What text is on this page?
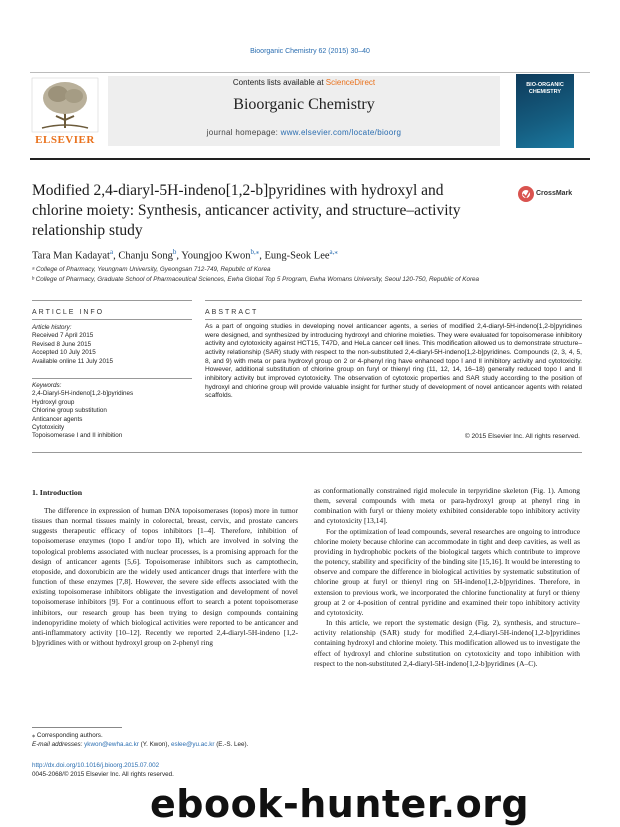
Bioorganic Chemistry 62 (2015) 30–40
ELSEVIER
Contents lists available at ScienceDirect
Bioorganic Chemistry
journal homepage: www.elsevier.com/locate/bioorg
BIO-ORGANIC CHEMISTRY
Modified 2,4-diaryl-5H-indeno[1,2-b]pyridines with hydroxyl and
chlorine moiety: Synthesis, anticancer activity, and structure–activity
relationship study
CrossMark
Tara Man Kadayat$^a$, Chanju Song$^b$, Youngjoo Kwon$^{b,⁎}$, Eung-Seok Lee$^{a,⁎}$
ᵃ College of Pharmacy, Yeungnam University, Gyeongsan 712-749, Republic of Korea
ᵇ College of Pharmacy, Graduate School of Pharmaceutical Sciences, Ewha Global Top 5 Program, Ewha Womans University, Seoul 120-750, Republic of Korea
ARTICLE INFO	ABSTRACT
Article history:
Received 7 April 2015
Revised 8 June 2015
Accepted 10 July 2015
Available online 11 July 2015
Keywords:
2,4-Diaryl-5H-indeno[1,2-b]pyridines
Hydroxyl group
Chlorine group substitution
Anticancer agents
Cytotoxicity
Topoisomerase I and II inhibition
As a part of ongoing studies in developing novel anticancer agents, a series of modified 2,4-diaryl-5H-indeno[1,2-b]pyridines were designed, and synthesized by introducing hydroxyl and chlorine moieties. They were evaluated for topoisomerase inhibitory activity and cytotoxicity against HCT15, T47D, and HeLa cancer cell lines. This modification allowed us to demonstrate structure–activity relationship (SAR) study with respect to the non-substituted 2,4-diaryl-5H-indeno[1,2-b]pyridines. Compounds (2, 3, 4, 5, 8, and 9) with meta or para hydroxyl group on 2 or 4-phenyl ring have enhanced topo I and II inhibitory activity and cytotoxicity. However, additional substitution of chlorine group on furyl or thienyl ring (11, 12, 14, 16–18) generally reduced topo I and II inhibitory activity but improved cytotoxicity. The observation of cytotoxic properties and SAR study according to the position of hydroxyl and chlorine group will provide valuable insight for further study of development of novel anticancer agents with related scaffolds.
© 2015 Elsevier Inc. All rights reserved.
1. Introduction

The difference in expression of human DNA topoisomerases (topos) more in tumor tissues than normal tissues mainly in colorectal, breast, cervix, and prostate cancers suggests therapeutic efficacy of topos inhibitors [1–4]. Therefore, inhibition of topoisomerase enzymes (topo I and/or topo II), which are involved in solving the topological problems associated with nuclear processes, is a promising approach for the design of anticancer agents [5,6]. Topoisomerase inhibitors such as camptothecin, etoposide, and doxorubicin are the widely used anticancer drugs that interfere with the function of these enzymes [7,8]. However, the severe side effects associated with the existing topoisomerase inhibitors obligate the investigation and development of novel topoisomerase inhibitors [9]. For a continuous effort to search a potent topoisomerase inhibitors, our research group has been trying to design compounds containing indenopyridine moiety of which biological activities were reported to be anticancer and anti-inflammatory activity [10–12]. Recently we reported 2,4-diaryl-5H-indeno [1,2-b]pyridines with or without hydroxyl group on 2-phenyl ring

as conformationally constrained rigid molecule in terpyridine skeleton (Fig. 1). Among them, several compounds with meta or para-hydroxyl group at phenyl ring in combination with furyl or thieny moiety exhibited considerable topo inhibitory activity and cytotoxicity [13,14].

For the optimization of lead compounds, several researches are ongoing to introduce chlorine moiety because chlorine can accommodate in tight and deep cavities, as well as providing in hydrophobic pockets of the biological targets which contribute to improve the potency, stability and specificity of the binding site [15,16]. It would be interesting to observe and compare the difference in biological activities by systematic substitution of chlorine group at furyl or thienyl ring on 5H-indeno[1,2-b]pyridines. Therefore, in extension to previous work, we incorporated the chlorine functionality at furyl or thieny group at 2 or 4-position of central pyridine and examined their topo inhibitory activity and cytotoxicity.

In this article, we report the systematic design (Fig. 2), synthesis, and structure–activity relationship (SAR) study for modified 2,4-diaryl-5H-indeno[1,2-b]pyridines containing hydroxyl and chlorine moiety. This modification allowed us to investigate the effect of hydroxyl and chlorine substitution on cytotoxicity and topo inhibition with respect to the non-substituted 2,4-diaryl-5H-indeno[1,2-b]pyridines (A–C).

⁎ Corresponding authors.
E-mail addresses: ykwon@ewha.ac.kr (Y. Kwon), eslee@yu.ac.kr (E.-S. Lee).
http://dx.doi.org/10.1016/j.bioorg.2015.07.002
0045-2068/© 2015 Elsevier Inc. All rights reserved.
ebook-hunter.org
